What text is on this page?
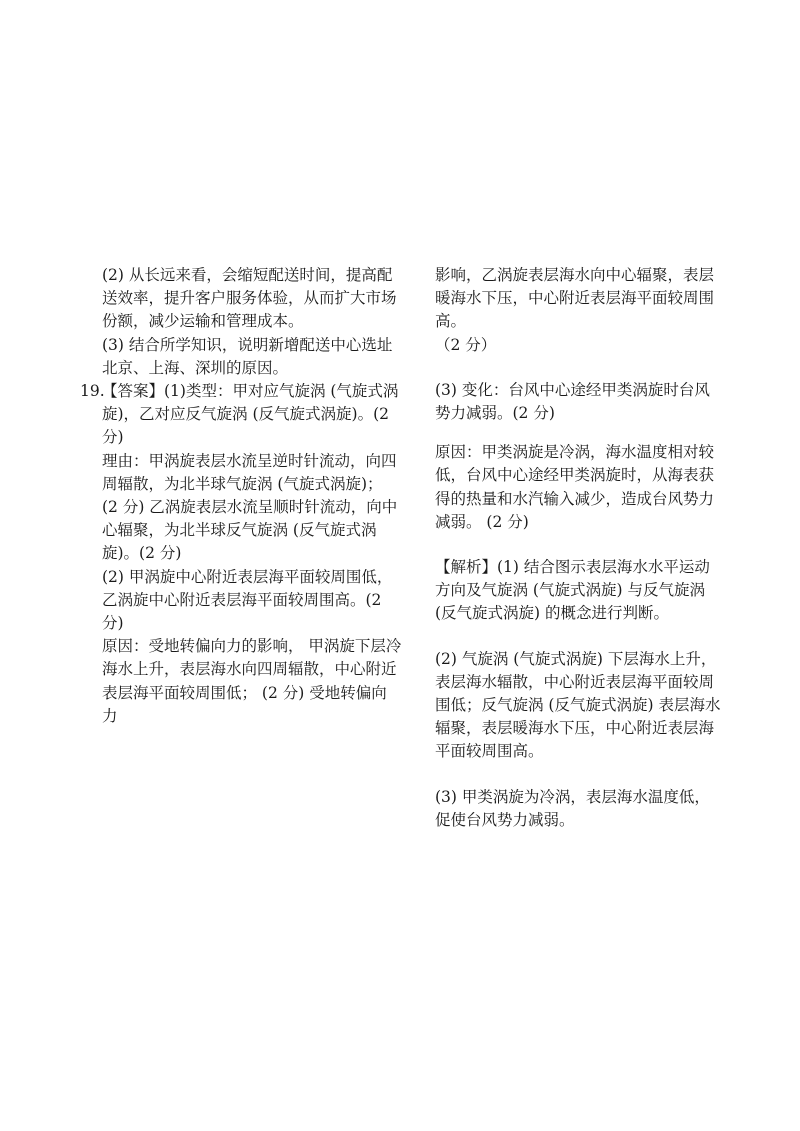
(2) 从长远来看，会缩短配送时间，提高配送效率，提升客户服务体验，从而扩大市场份额，减少运输和管理成本。

(3) 结合所学知识，说明新增配送中心选址北京、上海、深圳的原因。

19.

【答案】(1)类型：甲对应气旋涡 (气旋式涡旋)，乙对应反气旋涡 (反气旋式涡旋)。(2 分)

理由：甲涡旋表层水流呈逆时针流动，向四周辐散，为北半球气旋涡 (气旋式涡旋)；

(2 分) 乙涡旋表层水流呈顺时针流动，向中心辐聚，为北半球反气旋涡 (反气旋式涡旋)。(2 分)

(2) 甲涡旋中心附近表层海平面较周围低，乙涡旋中心附近表层海平面较周围高。(2 分)

原因：受地转偏向力的影响， 甲涡旋下层冷海水上升，表层海水向四周辐散，中心附近表层海平面较周围低； (2 分) 受地转偏向力

影响，乙涡旋表层海水向中心辐聚，表层暖海水下压，中心附近表层海平面较周围高。

（2 分）

(3) 变化：台风中心途经甲类涡旋时台风势力减弱。(2 分)

原因：甲类涡旋是冷涡，海水温度相对较低，台风中心途经甲类涡旋时，从海表获得的热量和水汽输入减少，造成台风势力减弱。 (2 分)

【解析】(1) 结合图示表层海水水平运动方向及气旋涡 (气旋式涡旋) 与反气旋涡 (反气旋式涡旋) 的概念进行判断。

(2) 气旋涡 (气旋式涡旋) 下层海水上升，表层海水辐散，中心附近表层海平面较周围低；反气旋涡 (反气旋式涡旋) 表层海水辐聚，表层暖海水下压，中心附近表层海平面较周围高。

(3) 甲类涡旋为冷涡，表层海水温度低，促使台风势力减弱。
